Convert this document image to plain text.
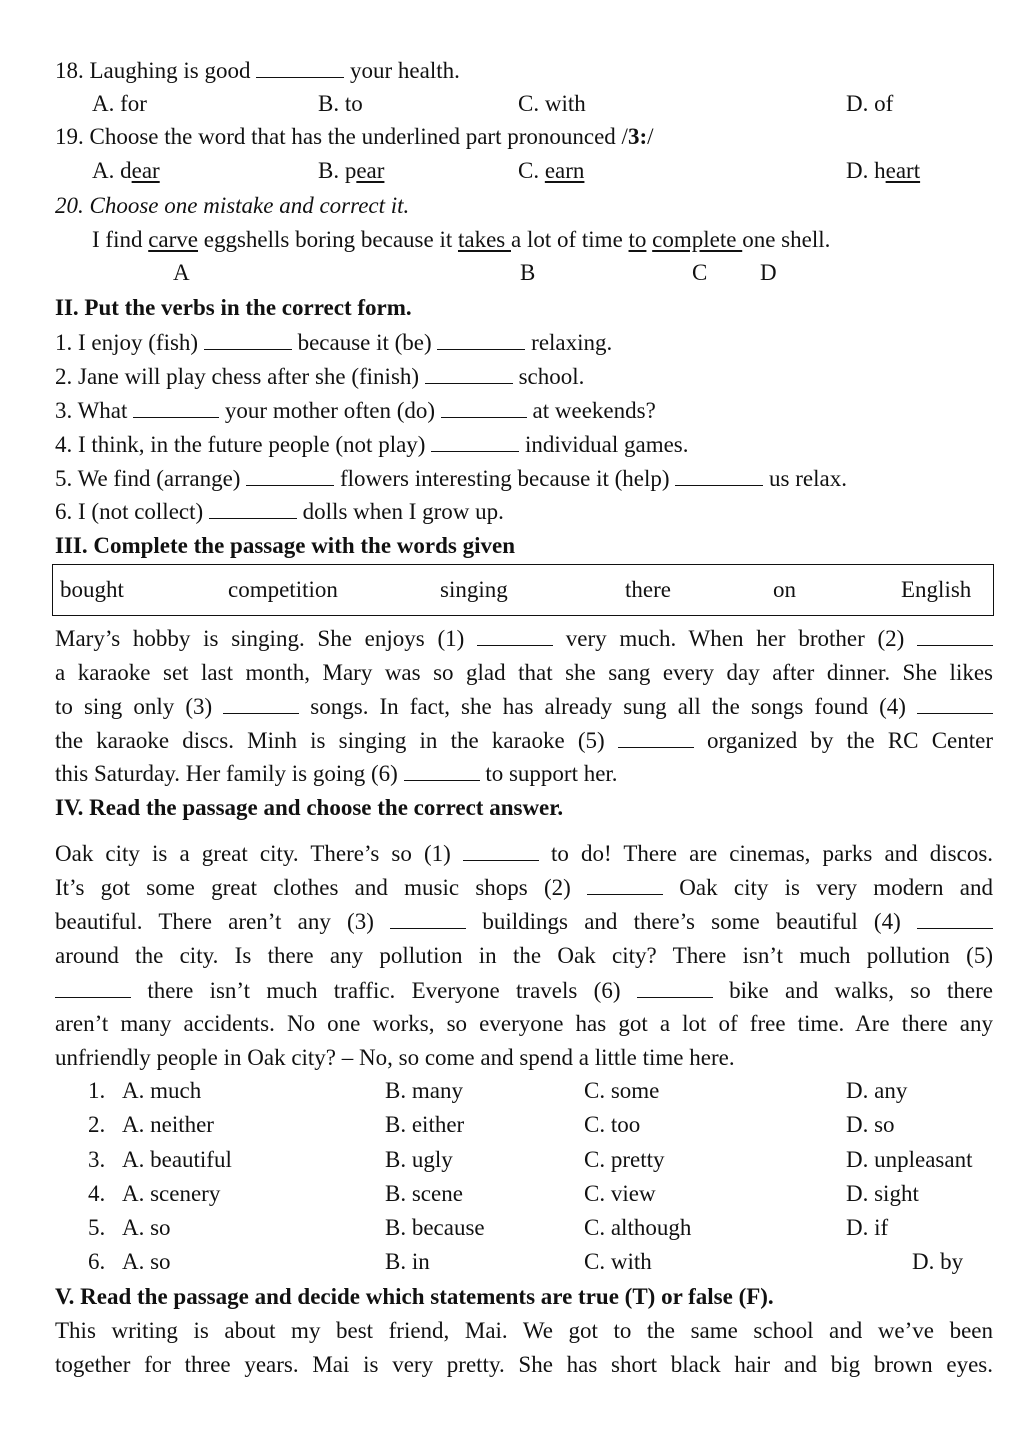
18. Laughing is good	your health.
A. for	B. to	C. with	D. of
19. Choose the word that has the underlined part pronounced /3:/
A. dear	B. pear	C. earn	D. heart
20. Choose one mistake and correct it.
I find carve eggshells boring because it takes a lot of time to complete one shell.
A	B	C D
II. Put the verbs in the correct form.
1. I enjoy (fish)	because it (be)	relaxing.
2. Jane will play chess after she (finish)	school.
3. What	your mother often (do)	at weekends?
4. I think, in the future people (not play)	individual games.
5. We find (arrange)	flowers interesting because it (help)	us relax.
6. I (not collect)	dolls when I grow up.
III. Complete the passage with the words given
bought	competition	singing	there	on	English
Mary’s hobby is singing. She enjoys (1)	very much. When her brother (2)
a karaoke set last month, Mary was so glad that she sang every day after dinner. She likes
to sing only (3)	songs. In fact, she has already sung all the songs found (4)
the karaoke discs. Minh is singing in the karaoke (5)	organized by the RC Center
this Saturday. Her family is going (6)	to support her.
IV. Read the passage and choose the correct answer.
Oak city is a great city. There’s so (1)	to do! There are cinemas, parks and discos.
It’s got some great clothes and music shops (2)	Oak city is very modern and
beautiful. There aren’t any (3)	buildings and there’s some beautiful (4)
around the city. Is there any pollution in the Oak city? There isn’t much pollution (5)
there isn’t much traffic. Everyone travels (6)	bike and walks, so there
aren’t many accidents. No one works, so everyone has got a lot of free time. Are there any
unfriendly people in Oak city? – No, so come and spend a little time here.
1. A. much	B. many	C. some	D. any
2. A. neither	B. either	C. too	D. so
3. A. beautiful	B. ugly	C. pretty	D. unpleasant
4. A. scenery	B. scene	C. view	D. sight
5. A. so	B. because	C. although	D. if
6. A. so	B. in	C. with	D. by
V. Read the passage and decide which statements are true (T) or false (F).
This writing is about my best friend, Mai. We got to the same school and we’ve been
together for three years. Mai is very pretty. She has short black hair and big brown eyes.
